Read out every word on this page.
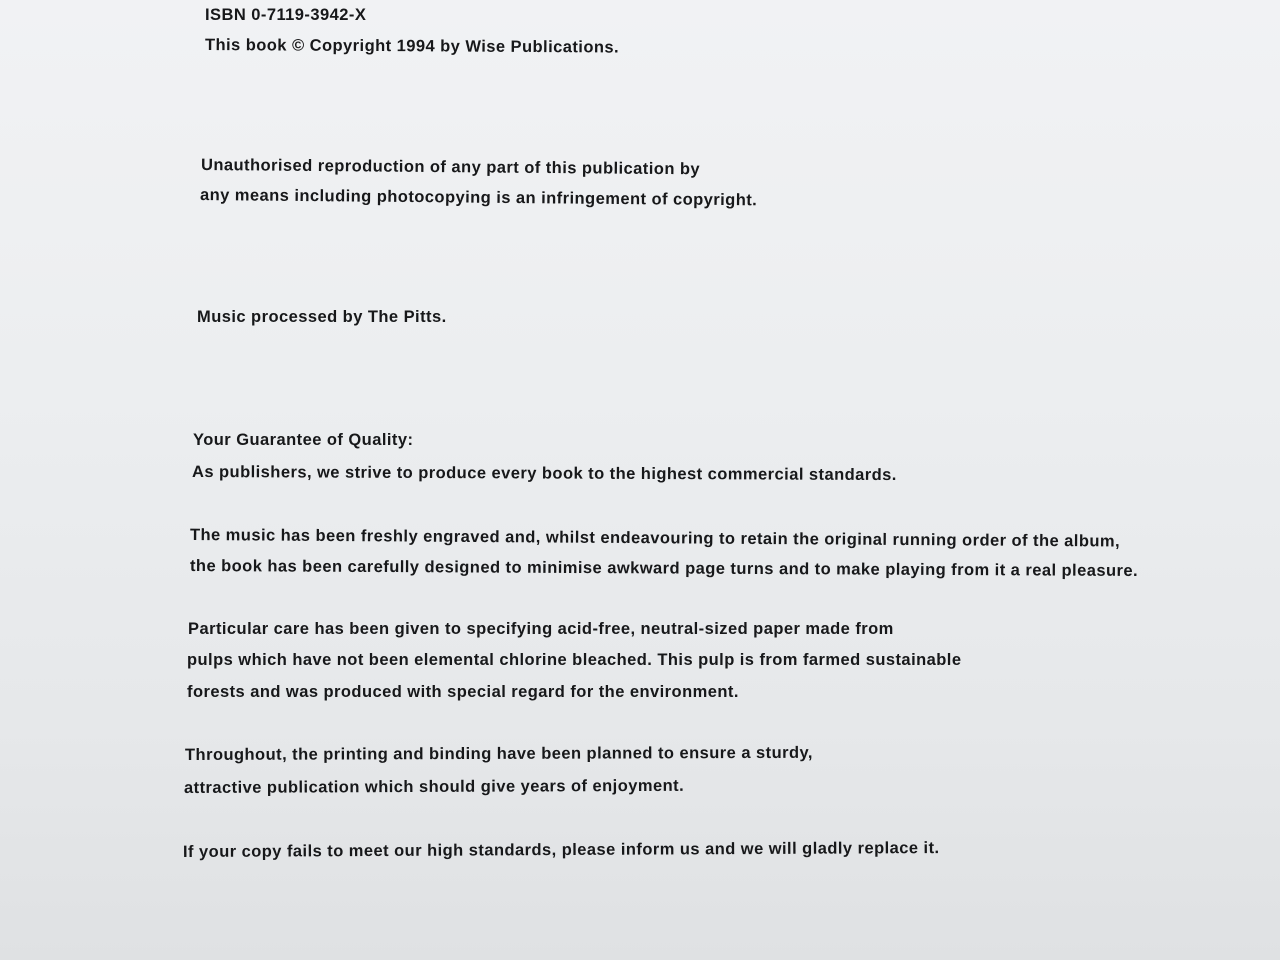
ISBN 0-7119-3942-X
This book © Copyright 1994 by Wise Publications.
Unauthorised reproduction of any part of this publication by
any means including photocopying is an infringement of copyright.
Music processed by The Pitts.
Your Guarantee of Quality:
As publishers, we strive to produce every book to the highest commercial standards.
The music has been freshly engraved and, whilst endeavouring to retain the original running order of the album,
the book has been carefully designed to minimise awkward page turns and to make playing from it a real pleasure.
Particular care has been given to specifying acid-free, neutral-sized paper made from
pulps which have not been elemental chlorine bleached. This pulp is from farmed sustainable
forests and was produced with special regard for the environment.
Throughout, the printing and binding have been planned to ensure a sturdy,
attractive publication which should give years of enjoyment.
If your copy fails to meet our high standards, please inform us and we will gladly replace it.
